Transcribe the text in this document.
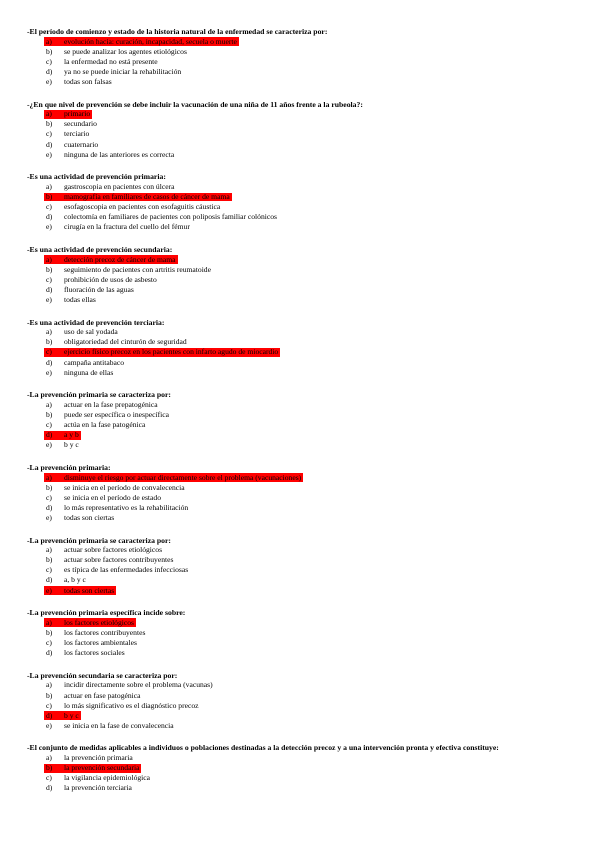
-El período de comienzo y estado de la historia natural de la enfermedad se caracteriza por:
a) evolución hacia: curación, incapacidad, secuela o muerte
b) se puede analizar los agentes etiológicos
c) la enfermedad no está presente
d) ya no se puede iniciar la rehabilitación
e) todas son falsas
-¿En que nivel de prevención se debe incluir la vacunación de una niña de 11 años frente a la rubeola?:
a) primario
b) secundario
c) terciario
d) cuaternario
e) ninguna de las anteriores es correcta
-Es una actividad de prevención primaria:
a) gastroscopia en pacientes con úlcera
b) mamografía en familiares de casos de cáncer de mama
c) esofagoscopia en pacientes con esofaguitis cáustica
d) colectomía en familiares de pacientes con poliposis familiar colónicos
e) cirugía en la fractura del cuello del fémur
-Es una actividad de prevención secundaria:
a) detección precoz de cáncer de mama
b) seguimiento de pacientes con artritis reumatoide
c) prohibición de usos de asbesto
d) fluoración de las aguas
e) todas ellas
-Es una actividad de prevención terciaria:
a) uso de sal yodada
b) obligatoriedad del cinturón de seguridad
c) ejercicio físico precoz en los pacientes con infarto agudo de miocardio
d) campaña antitabaco
e) ninguna de ellas
-La prevención primaria se caracteriza por:
a) actuar en la fase prepatogénica
b) puede ser específica o inespecífica
c) actúa en la fase patogénica
d) a y b
e) b y c
-La prevención primaria:
a) disminuye el riesgo por actuar directamente sobre el problema (vacunaciones)
b) se inicia en el período de convalecencia
c) se inicia en el período de estado
d) lo más representativo es la rehabilitación
e) todas son ciertas
-La prevención primaria se caracteriza por:
a) actuar sobre factores etiológicos
b) actuar sobre factores contribuyentes
c) es típica de las enfermedades infecciosas
d) a, b y c
e) todas son ciertas
-La prevención primaria específica incide sobre:
a) los factores etiológicos
b) los factores contribuyentes
c) los factores ambientales
d) los factores sociales
-La prevención secundaria se caracteriza por:
a) incidir directamente sobre el problema (vacunas)
b) actuar en fase patogénica
c) lo más significativo es el diagnóstico precoz
d) b y c
e) se inicia en la fase de convalecencia
-El conjunto de medidas aplicables a individuos o poblaciones destinadas a la detección precoz y a una intervención pronta y efectiva constituye:
a) la prevención primaria
b) la prevención secundaria
c) la vigilancia epidemiológica
d) la prevención terciaria
